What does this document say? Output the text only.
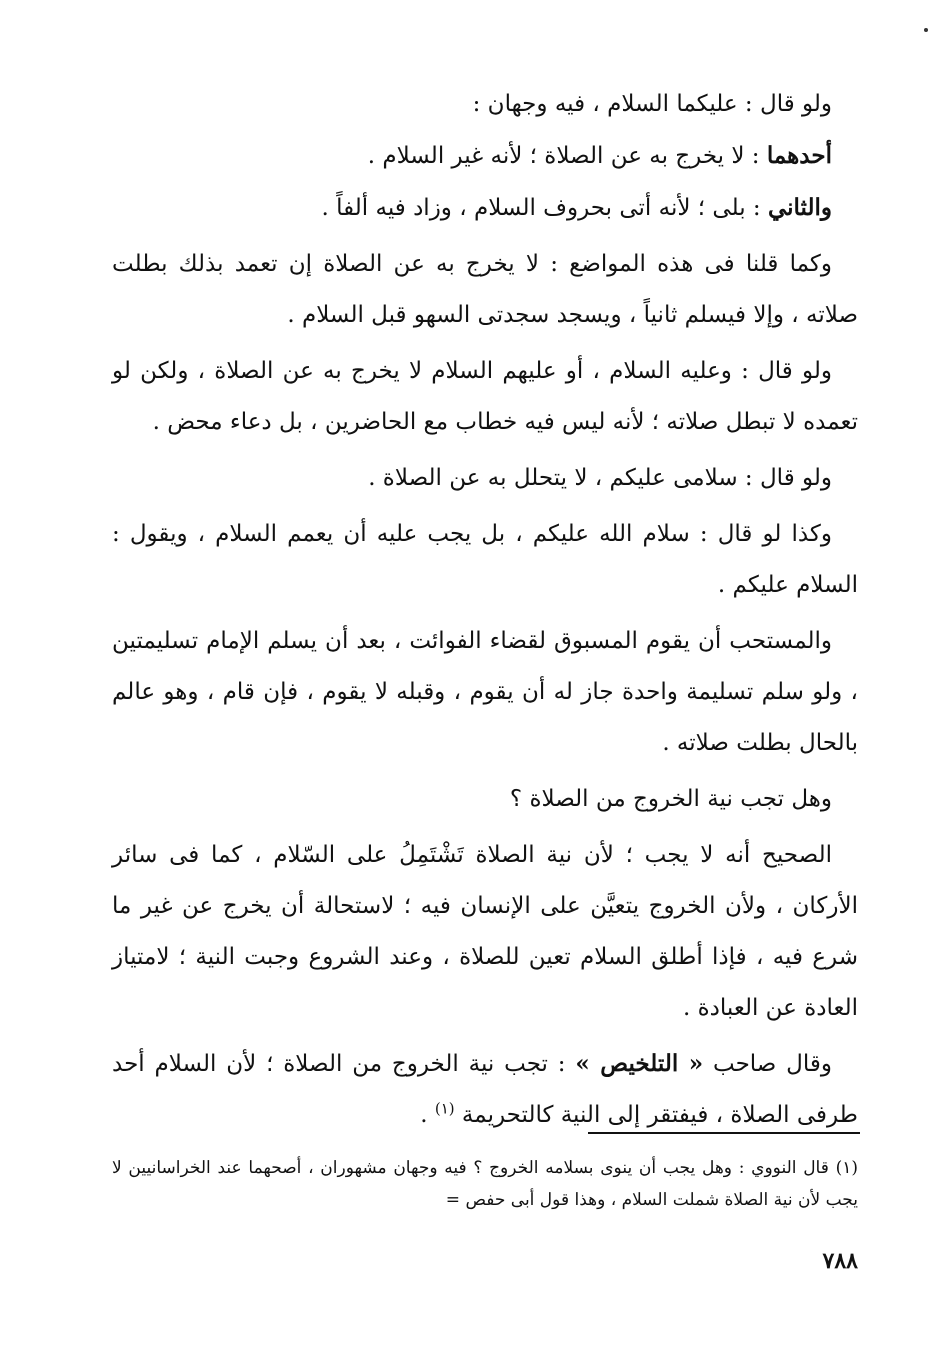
ولو قال : عليكما السلام ، فيه وجهان :

أحدهما : لا يخرج به عن الصلاة ؛ لأنه غير السلام .

والثاني : بلى ؛ لأنه أتى بحروف السلام ، وزاد فيه ألفاً .

وكما قلنا فى هذه المواضع : لا يخرج به عن الصلاة إن تعمد بذلك بطلت صلاته ، وإلا فيسلم ثانياً ، ويسجد سجدتى السهو قبل السلام .

ولو قال : وعليه السلام ، أو عليهم السلام لا يخرج به عن الصلاة ، ولكن لو تعمده لا تبطل صلاته ؛ لأنه ليس فيه خطاب مع الحاضرين ، بل دعاء محض .

ولو قال : سلامى عليكم ، لا يتحلل به عن الصلاة .

وكذا لو قال : سلام الله عليكم ، بل يجب عليه أن يعمم السلام ، ويقول : السلام عليكم .

والمستحب أن يقوم المسبوق لقضاء الفوائت ، بعد أن يسلم الإمام تسليمتين ، ولو سلم تسليمة واحدة جاز له أن يقوم ، وقبله لا يقوم ، فإن قام ، وهو عالم بالحال بطلت صلاته .

وهل تجب نية الخروج من الصلاة ؟

الصحيح أنه لا يجب ؛ لأن نية الصلاة تَشْتَمِلُ على السّلام ، كما فى سائر الأركان ، ولأن الخروج يتعيَّن على الإنسان فيه ؛ لاستحالة أن يخرج عن غير ما شرع فيه ، فإذا أطلق السلام تعين للصلاة ، وعند الشروع وجبت النية ؛ لامتياز العادة عن العبادة .

وقال صاحب « التلخيص » : تجب نية الخروج من الصلاة ؛ لأن السلام أحد طرفى الصلاة ، فيفتقر إلى النية كالتحريمة $^{(١)}$ .

(١) قال النووي : وهل يجب أن ينوى بسلامه الخروج ؟ فيه وجهان مشهوران ، أصحهما عند الخراسانيين لا يجب لأن نية الصلاة شملت السلام ، وهذا قول أبى حفص =

٧٨٨
